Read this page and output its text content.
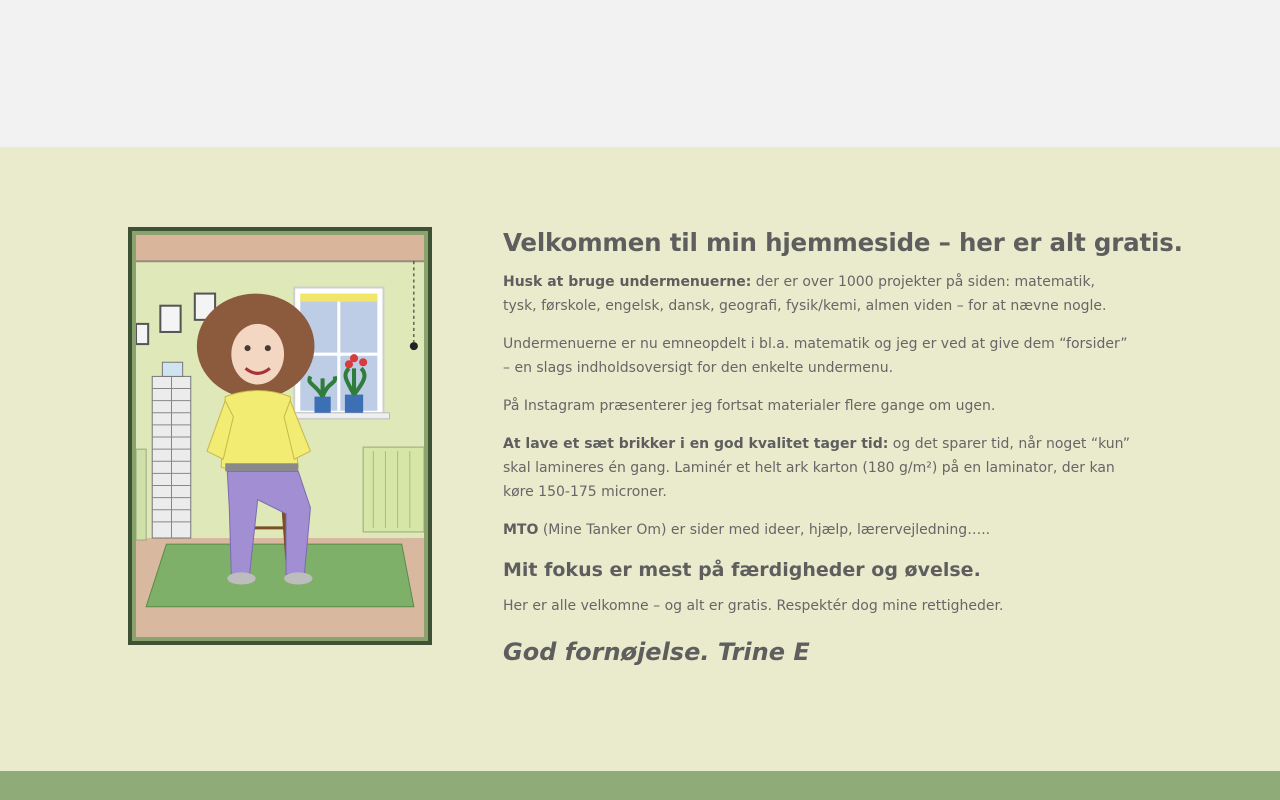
Velkommen til min hjemmeside – her er alt gratis.

Husk at bruge undermenuerne: der er over 1000 projekter på siden: matematik, tysk, førskole, engelsk, dansk, geografi, fysik/kemi, almen viden – for at nævne nogle.

Undermenuerne er nu emneopdelt i bl.a. matematik og jeg er ved at give dem “forsider” – en slags indholdsoversigt for den enkelte undermenu.

På Instagram præsenterer jeg fortsat materialer flere gange om ugen.

At lave et sæt brikker i en god kvalitet tager tid: og det sparer tid, når noget “kun” skal lamineres én gang. Laminér et helt ark karton (180 g/m²) på en laminator, der kan køre 150-175 microner.

MTO (Mine Tanker Om) er sider med ideer, hjælp, lærervejledning…..

Mit fokus er mest på færdigheder og øvelse.

Her er alle velkomne – og alt er gratis. Respektér dog mine rettigheder.

God fornøjelse. Trine E
